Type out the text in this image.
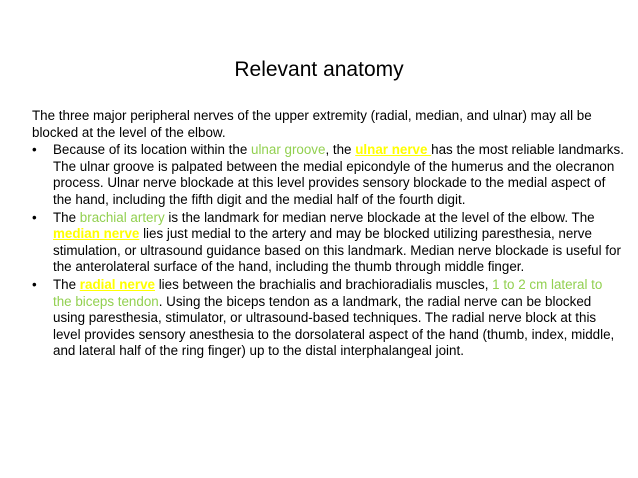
Relevant anatomy

The three major peripheral nerves of the upper extremity (radial, median, and ulnar) may all be blocked at the level of the elbow.

• Because of its location within the ulnar groove, the ulnar nerve has the most reliable landmarks. The ulnar groove is palpated between the medial epicondyle of the humerus and the olecranon process. Ulnar nerve blockade at this level provides sensory blockade to the medial aspect of the hand, including the fifth digit and the medial half of the fourth digit.
• The brachial artery is the landmark for median nerve blockade at the level of the elbow. The median nerve lies just medial to the artery and may be blocked utilizing paresthesia, nerve stimulation, or ultrasound guidance based on this landmark. Median nerve blockade is useful for the anterolateral surface of the hand, including the thumb through middle finger.
• The radial nerve lies between the brachialis and brachioradialis muscles, 1 to 2 cm lateral to the biceps tendon. Using the biceps tendon as a landmark, the radial nerve can be blocked using paresthesia, stimulator, or ultrasound-based techniques. The radial nerve block at this level provides sensory anesthesia to the dorsolateral aspect of the hand (thumb, index, middle, and lateral half of the ring finger) up to the distal interphalangeal joint.
